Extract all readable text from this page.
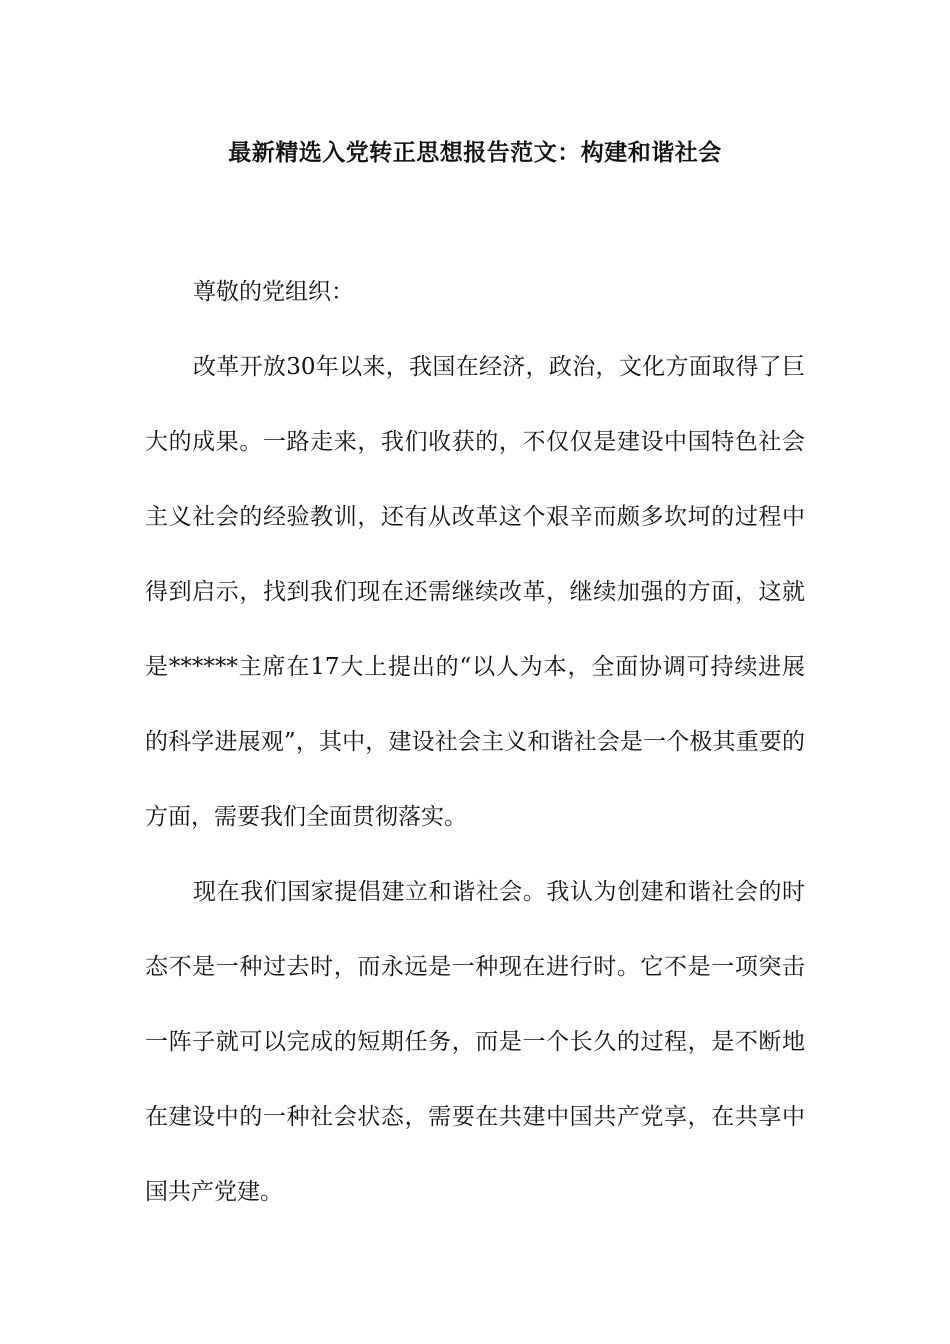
最新精选入党转正思想报告范文：构建和谐社会

尊敬的党组织：

改革开放30年以来，我国在经济，政治，文化方面取得了巨大的成果。一路走来，我们收获的，不仅仅是建设中国特色社会主义社会的经验教训，还有从改革这个艰辛而颇多坎坷的过程中得到启示，找到我们现在还需继续改革，继续加强的方面，这就是******主席在17大上提出的“以人为本，全面协调可持续进展的科学进展观”，其中，建设社会主义和谐社会是一个极其重要的方面，需要我们全面贯彻落实。

现在我们国家提倡建立和谐社会。我认为创建和谐社会的时态不是一种过去时，而永远是一种现在进行时。它不是一项突击一阵子就可以完成的短期任务，而是一个长久的过程，是不断地在建设中的一种社会状态，需要在共建中国共产党享，在共享中国共产党建。
